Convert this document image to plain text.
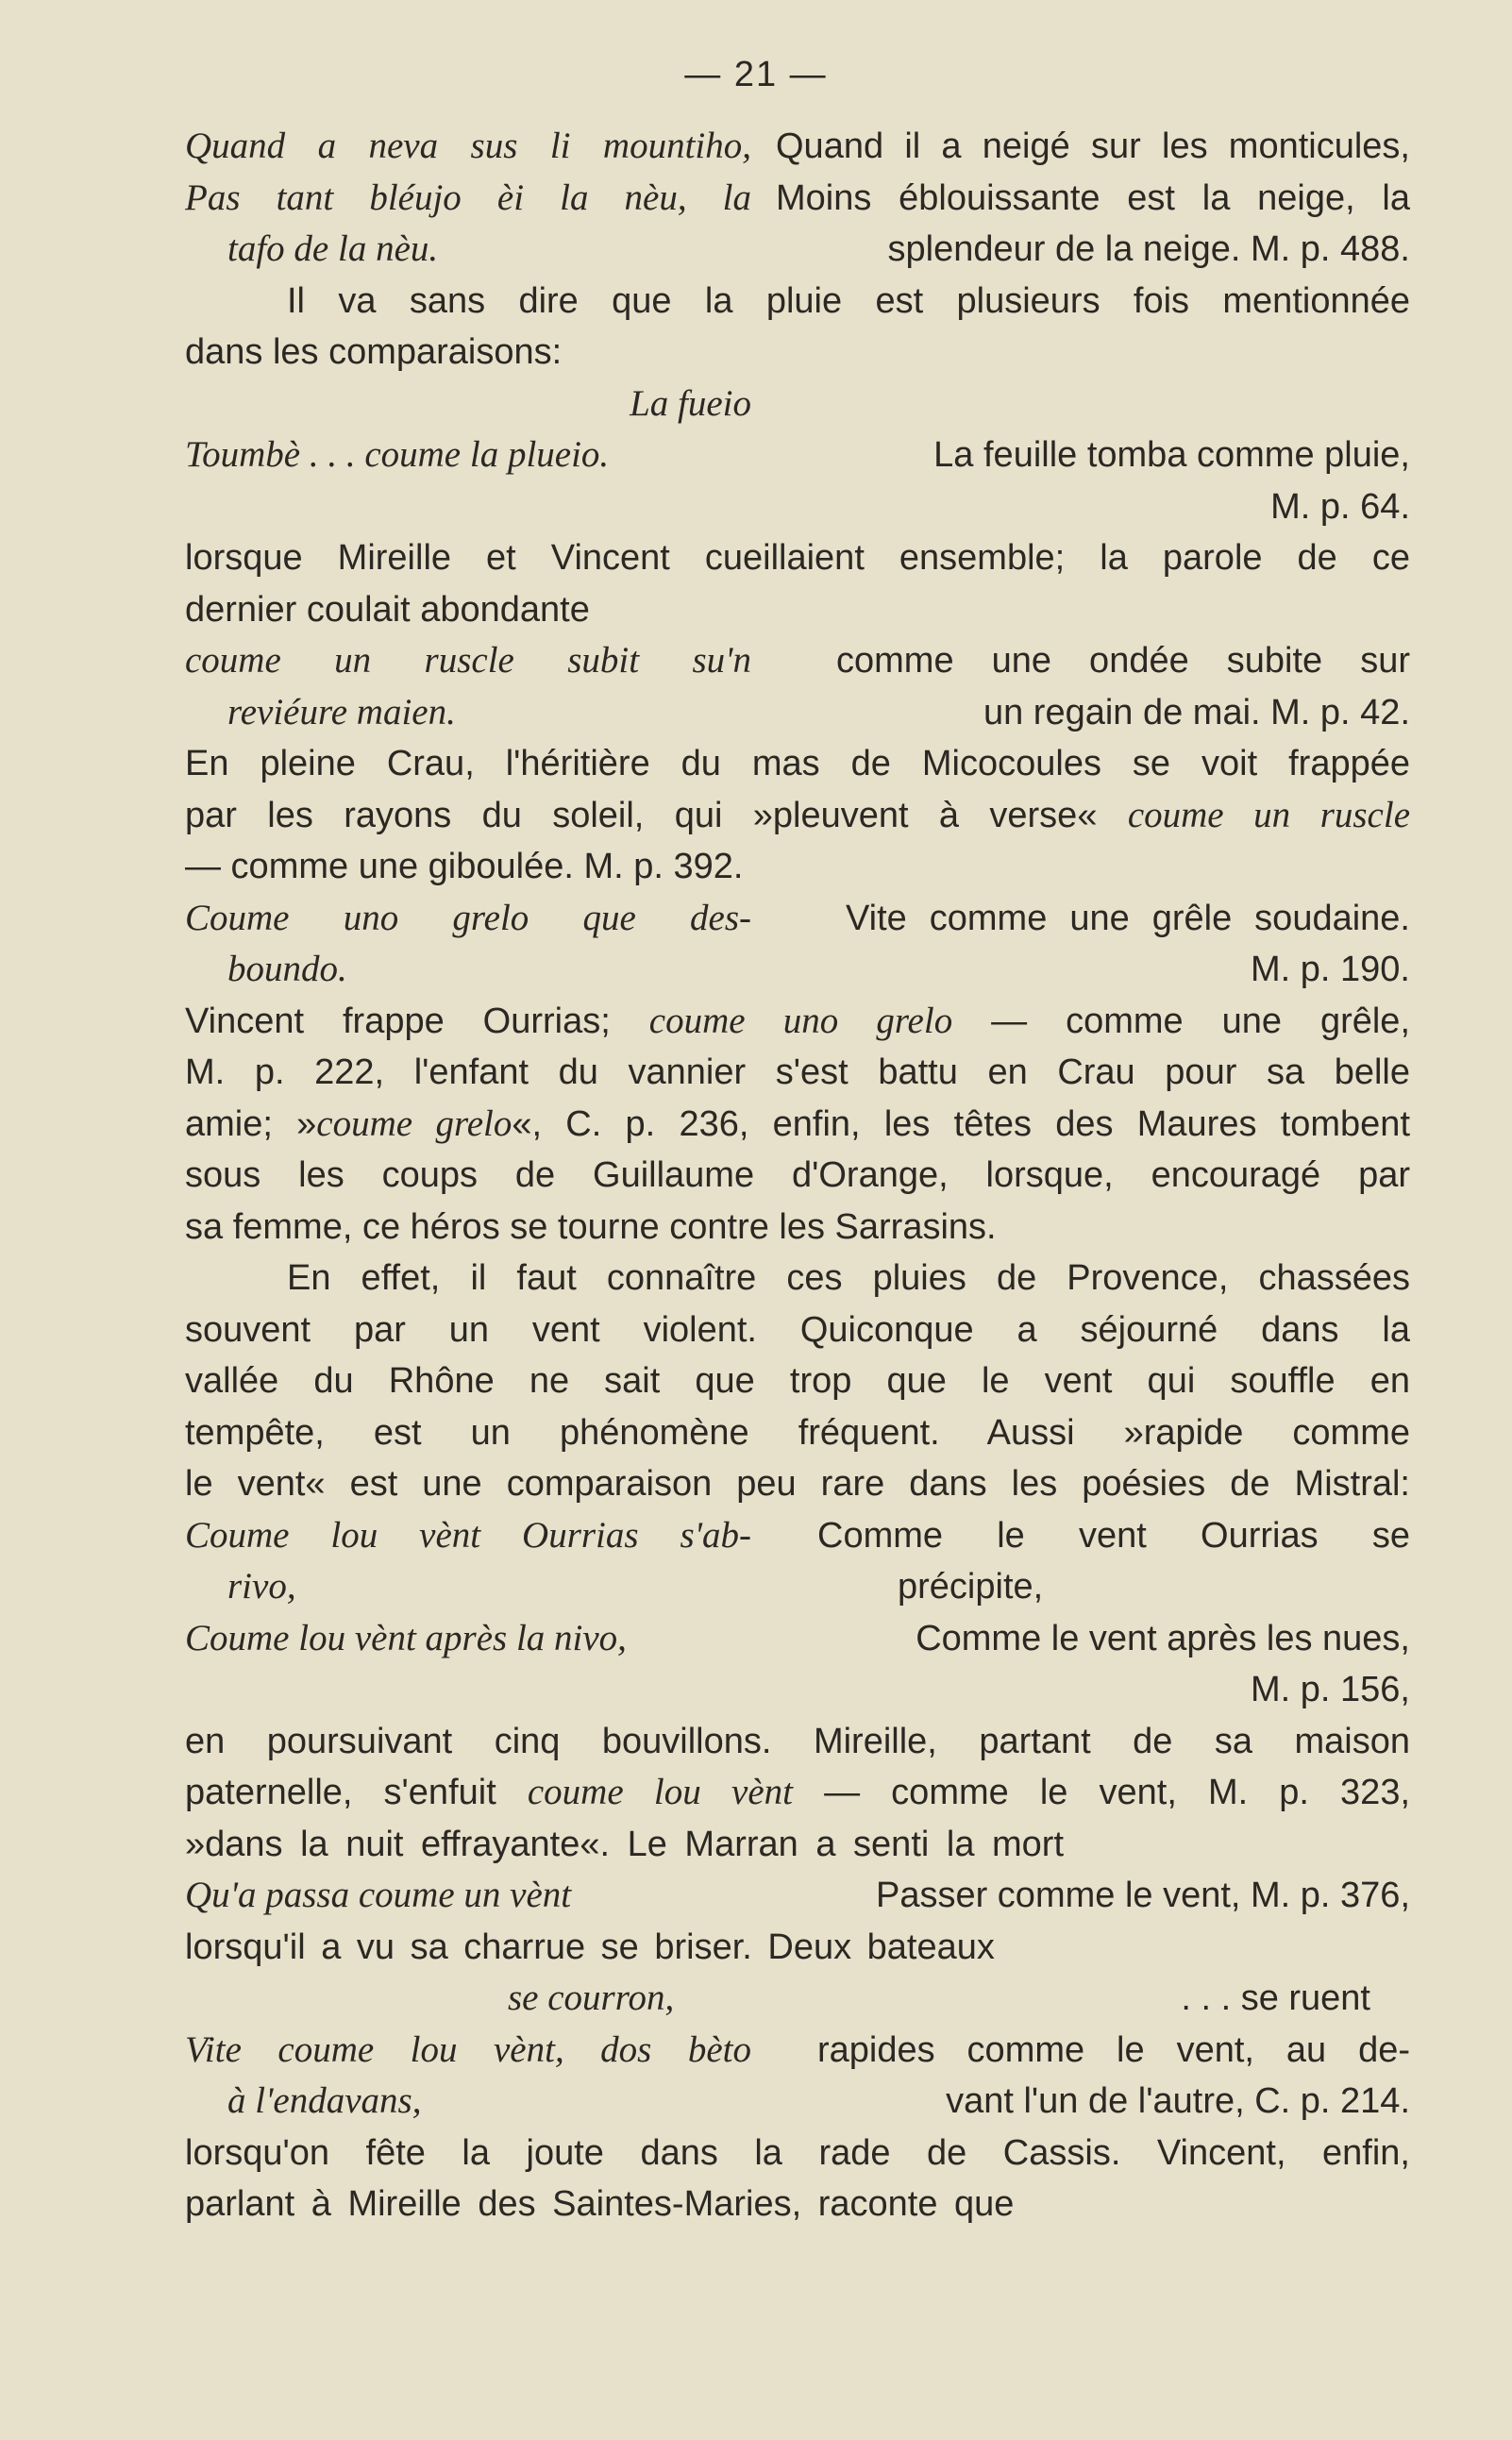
— 21 —
Quand a neva sus li mountiho, Quand il a neigé sur les monticules,
Pas tant bléujo èi la nèu, la Moins éblouissante est la neige, la
tafo de la nèu.	splendeur de la neige. M. p. 488.
Il va sans dire que la pluie est plusieurs fois mentionnée
dans les comparaisons:
La fueio
Toumbè . . . coume la plueio.	La feuille tomba comme pluie,
M. p. 64.
lorsque Mireille et Vincent cueillaient ensemble; la parole de ce
dernier coulait abondante
coume un ruscle subit su'n	comme une ondée subite sur
reviéure maien.	un regain de mai. M. p. 42.
En pleine Crau, l'héritière du mas de Micocoules se voit frappée
par les rayons du soleil, qui »pleuvent à verse« coume un ruscle
— comme une giboulée. M. p. 392.
Coume uno grelo que des-	Vite comme une grêle soudaine.
boundo.	M. p. 190.
Vincent frappe Ourrias; coume uno grelo — comme une grêle,
M. p. 222, l'enfant du vannier s'est battu en Crau pour sa belle
amie; »coume grelo«, C. p. 236, enfin, les têtes des Maures tombent
sous les coups de Guillaume d'Orange, lorsque, encouragé par
sa femme, ce héros se tourne contre les Sarrasins.
En effet, il faut connaître ces pluies de Provence, chassées
souvent par un vent violent. Quiconque a séjourné dans la
vallée du Rhône ne sait que trop que le vent qui souffle en
tempête, est un phénomène fréquent. Aussi »rapide comme
le vent« est une comparaison peu rare dans les poésies de Mistral:
Coume lou vènt Ourrias s'ab-	Comme le vent Ourrias se
rivo,	précipite,
Coume lou vènt après la nivo,	Comme le vent après les nues,
M. p. 156,
en poursuivant cinq bouvillons. Mireille, partant de sa maison
paternelle, s'enfuit coume lou vènt — comme le vent, M. p. 323,
»dans la nuit effrayante«. Le Marran a senti la mort
Qu'a passa coume un vènt	Passer comme le vent, M. p. 376,
lorsqu'il a vu sa charrue se briser. Deux bateaux
se courron,	. . . se ruent
Vite coume lou vènt, dos bèto	rapides comme le vent, au de-
à l'endavans,	vant l'un de l'autre, C. p. 214.
lorsqu'on fête la joute dans la rade de Cassis. Vincent, enfin,
parlant à Mireille des Saintes-Maries, raconte que
